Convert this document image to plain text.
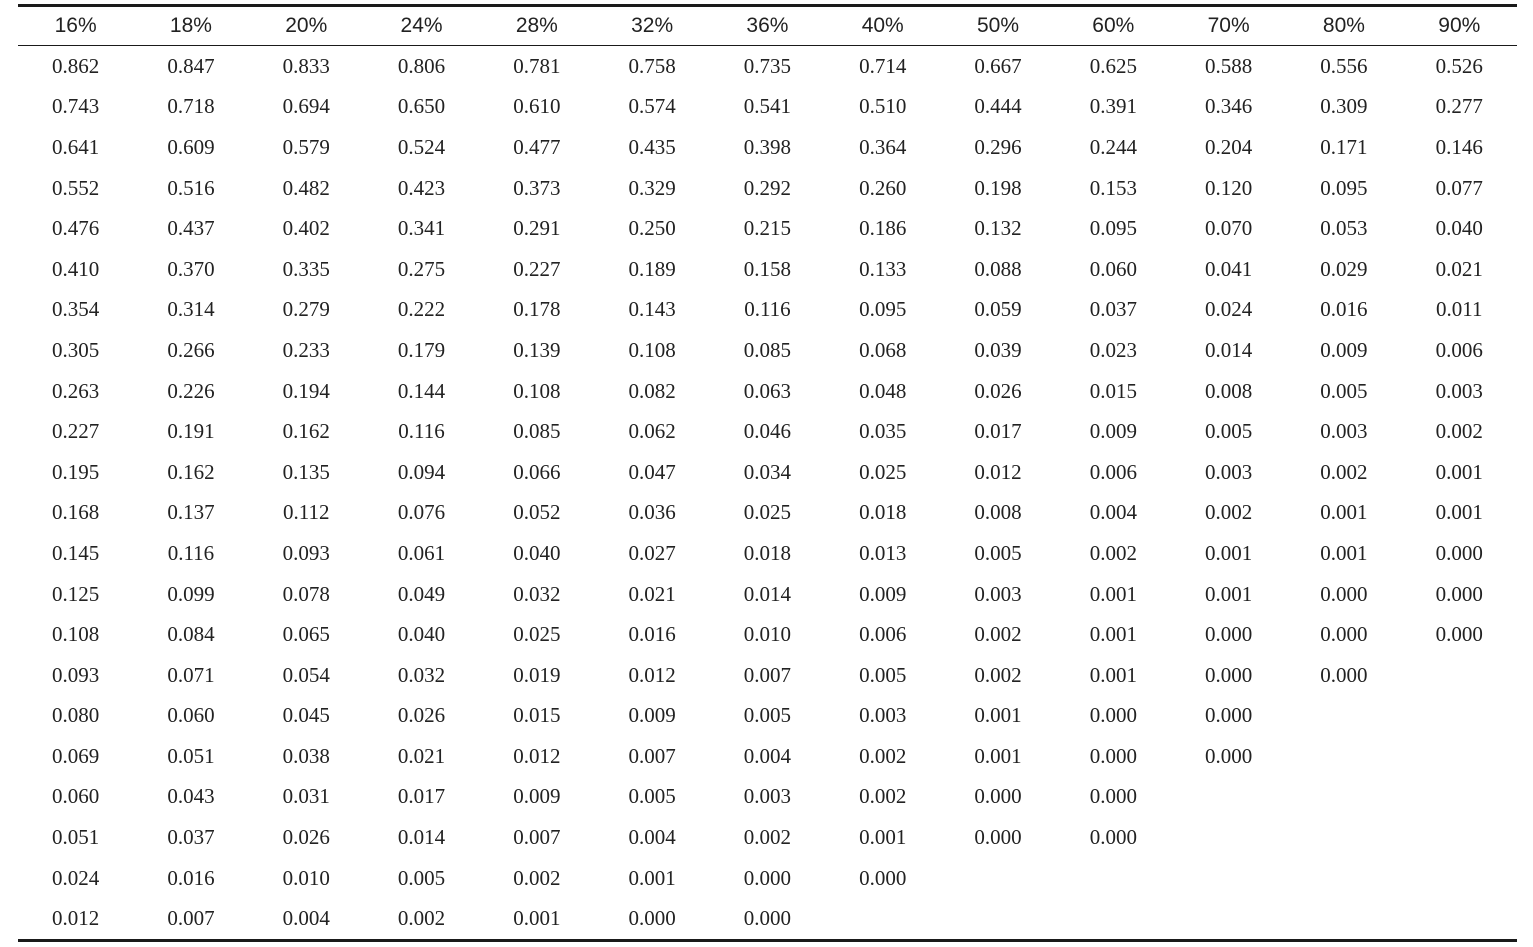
16%	18%	20%	24%	28%	32%	36%	40%	50%	60%	70%	80%	90%
0.862	0.847	0.833	0.806	0.781	0.758	0.735	0.714	0.667	0.625	0.588	0.556	0.526
0.743	0.718	0.694	0.650	0.610	0.574	0.541	0.510	0.444	0.391	0.346	0.309	0.277
0.641	0.609	0.579	0.524	0.477	0.435	0.398	0.364	0.296	0.244	0.204	0.171	0.146
0.552	0.516	0.482	0.423	0.373	0.329	0.292	0.260	0.198	0.153	0.120	0.095	0.077
0.476	0.437	0.402	0.341	0.291	0.250	0.215	0.186	0.132	0.095	0.070	0.053	0.040
0.410	0.370	0.335	0.275	0.227	0.189	0.158	0.133	0.088	0.060	0.041	0.029	0.021
0.354	0.314	0.279	0.222	0.178	0.143	0.116	0.095	0.059	0.037	0.024	0.016	0.011
0.305	0.266	0.233	0.179	0.139	0.108	0.085	0.068	0.039	0.023	0.014	0.009	0.006
0.263	0.226	0.194	0.144	0.108	0.082	0.063	0.048	0.026	0.015	0.008	0.005	0.003
0.227	0.191	0.162	0.116	0.085	0.062	0.046	0.035	0.017	0.009	0.005	0.003	0.002
0.195	0.162	0.135	0.094	0.066	0.047	0.034	0.025	0.012	0.006	0.003	0.002	0.001
0.168	0.137	0.112	0.076	0.052	0.036	0.025	0.018	0.008	0.004	0.002	0.001	0.001
0.145	0.116	0.093	0.061	0.040	0.027	0.018	0.013	0.005	0.002	0.001	0.001	0.000
0.125	0.099	0.078	0.049	0.032	0.021	0.014	0.009	0.003	0.001	0.001	0.000	0.000
0.108	0.084	0.065	0.040	0.025	0.016	0.010	0.006	0.002	0.001	0.000	0.000	0.000
0.093	0.071	0.054	0.032	0.019	0.012	0.007	0.005	0.002	0.001	0.000	0.000	
0.080	0.060	0.045	0.026	0.015	0.009	0.005	0.003	0.001	0.000	0.000		
0.069	0.051	0.038	0.021	0.012	0.007	0.004	0.002	0.001	0.000	0.000		
0.060	0.043	0.031	0.017	0.009	0.005	0.003	0.002	0.000	0.000			
0.051	0.037	0.026	0.014	0.007	0.004	0.002	0.001	0.000	0.000			
0.024	0.016	0.010	0.005	0.002	0.001	0.000	0.000					
0.012	0.007	0.004	0.002	0.001	0.000	0.000						
